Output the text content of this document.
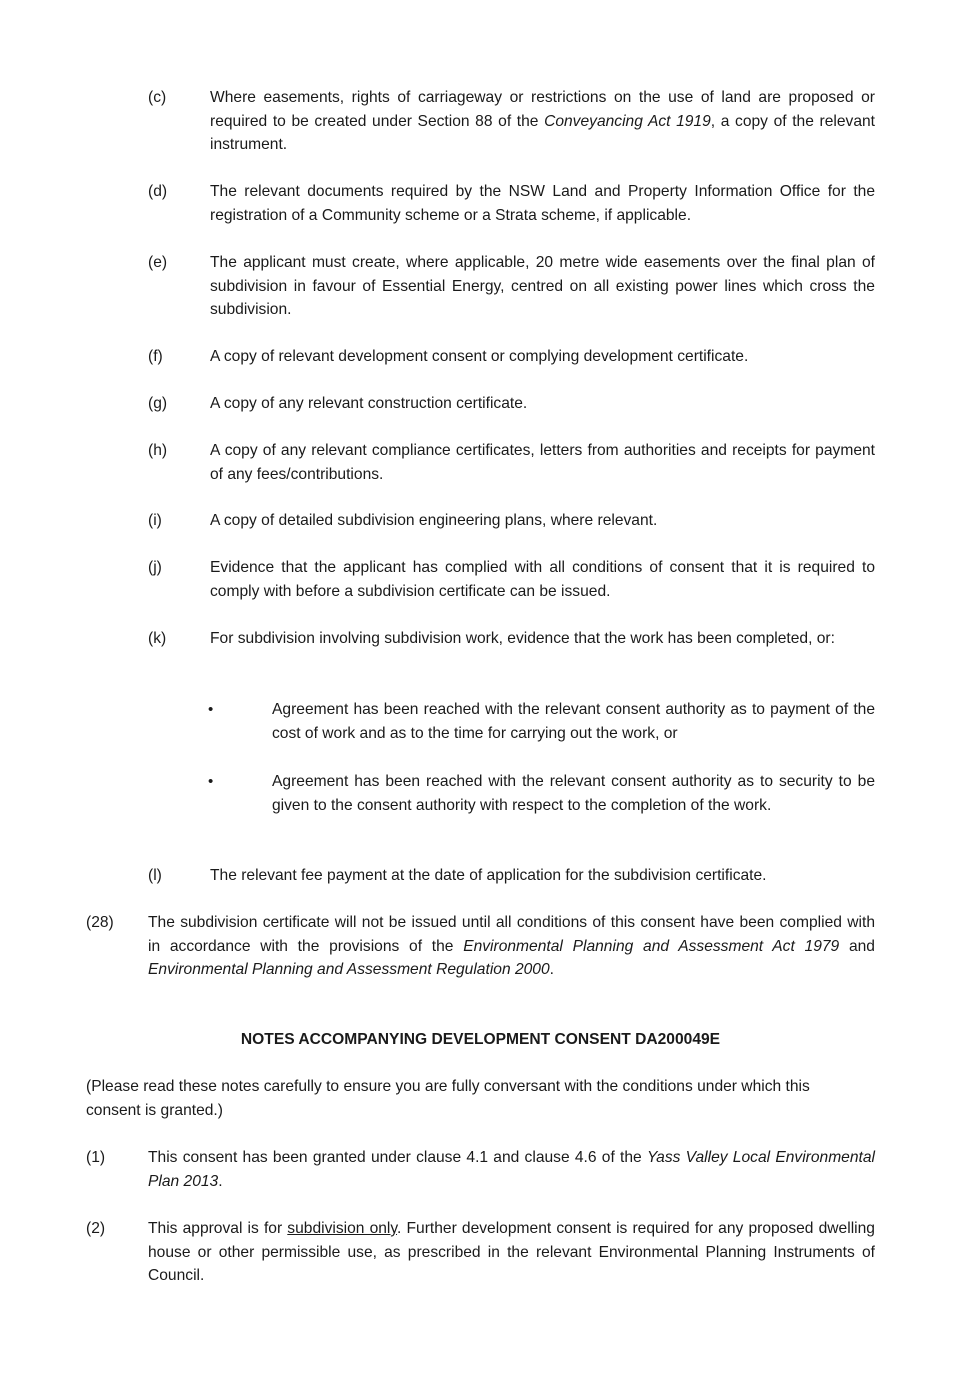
(c)	Where easements, rights of carriageway or restrictions on the use of land are proposed or required to be created under Section 88 of the Conveyancing Act 1919, a copy of the relevant instrument.
(d)	The relevant documents required by the NSW Land and Property Information Office for the registration of a Community scheme or a Strata scheme, if applicable.
(e)	The applicant must create, where applicable, 20 metre wide easements over the final plan of subdivision in favour of Essential Energy, centred on all existing power lines which cross the subdivision.
(f)	A copy of relevant development consent or complying development certificate.
(g)	A copy of any relevant construction certificate.
(h)	A copy of any relevant compliance certificates, letters from authorities and receipts for payment of any fees/contributions.
(i)	A copy of detailed subdivision engineering plans, where relevant.
(j)	Evidence that the applicant has complied with all conditions of consent that it is required to comply with before a subdivision certificate can be issued.
(k)	For subdivision involving subdivision work, evidence that the work has been completed, or:
•	Agreement has been reached with the relevant consent authority as to payment of the cost of work and as to the time for carrying out the work, or
•	Agreement has been reached with the relevant consent authority as to security to be given to the consent authority with respect to the completion of the work.
(l)	The relevant fee payment at the date of application for the subdivision certificate.
(28) The subdivision certificate will not be issued until all conditions of this consent have been complied with in accordance with the provisions of the Environmental Planning and Assessment Act 1979 and Environmental Planning and Assessment Regulation 2000.
NOTES ACCOMPANYING DEVELOPMENT CONSENT DA200049E
(Please read these notes carefully to ensure you are fully conversant with the conditions under which this consent is granted.)
(1)	This consent has been granted under clause 4.1 and clause 4.6 of the Yass Valley Local Environmental Plan 2013.
(2)	This approval is for subdivision only. Further development consent is required for any proposed dwelling house or other permissible use, as prescribed in the relevant Environmental Planning Instruments of Council.
